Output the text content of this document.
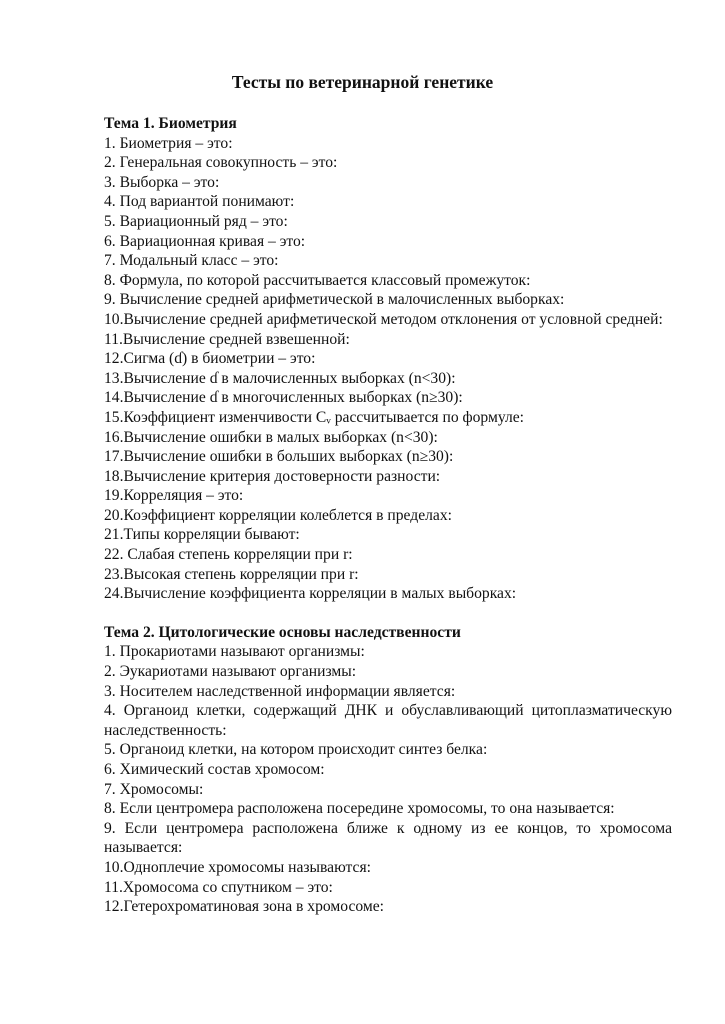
Тесты по ветеринарной генетике
Тема 1. Биометрия
1. Биометрия – это:
2. Генеральная совокупность – это:
3. Выборка – это:
4. Под вариантой понимают:
5. Вариационный ряд – это:
6. Вариационная кривая – это:
7. Модальный класс – это:
8. Формула, по которой рассчитывается классовый промежуток:
9. Вычисление средней арифметической в малочисленных выборках:
10.Вычисление средней арифметической методом отклонения от условной средней:
11.Вычисление средней взвешенной:
12.Сигма (ɗ) в биометрии – это:
13.Вычисление ɗ в малочисленных выборках (n<30):
14.Вычисление ɗ в многочисленных выборках (n≥30):
15.Коэффициент изменчивости Cᵥ рассчитывается по формуле:
16.Вычисление ошибки в малых выборках (n<30):
17.Вычисление ошибки в больших выборках (n≥30):
18.Вычисление критерия достоверности разности:
19.Корреляция – это:
20.Коэффициент корреляции колеблется в пределах:
21.Типы корреляции бывают:
22. Слабая степень корреляции при r:
23.Высокая степень корреляции при r:
24.Вычисление коэффициента корреляции в малых выборках:
Тема 2. Цитологические основы наследственности
1. Прокариотами называют организмы:
2. Эукариотами называют организмы:
3. Носителем наследственной информации является:
4. Органоид клетки, содержащий ДНК и обуславливающий цитоплазматическую наследственность:
5. Органоид клетки, на котором происходит синтез белка:
6. Химический состав хромосом:
7. Хромосомы:
8. Если центромера расположена посередине хромосомы, то она называется:
9. Если центромера расположена ближе к одному из ее концов, то хромосома называется:
10.Одноплечие хромосомы называются:
11.Хромосома со спутником – это:
12.Гетерохроматиновая зона в хромосоме:
